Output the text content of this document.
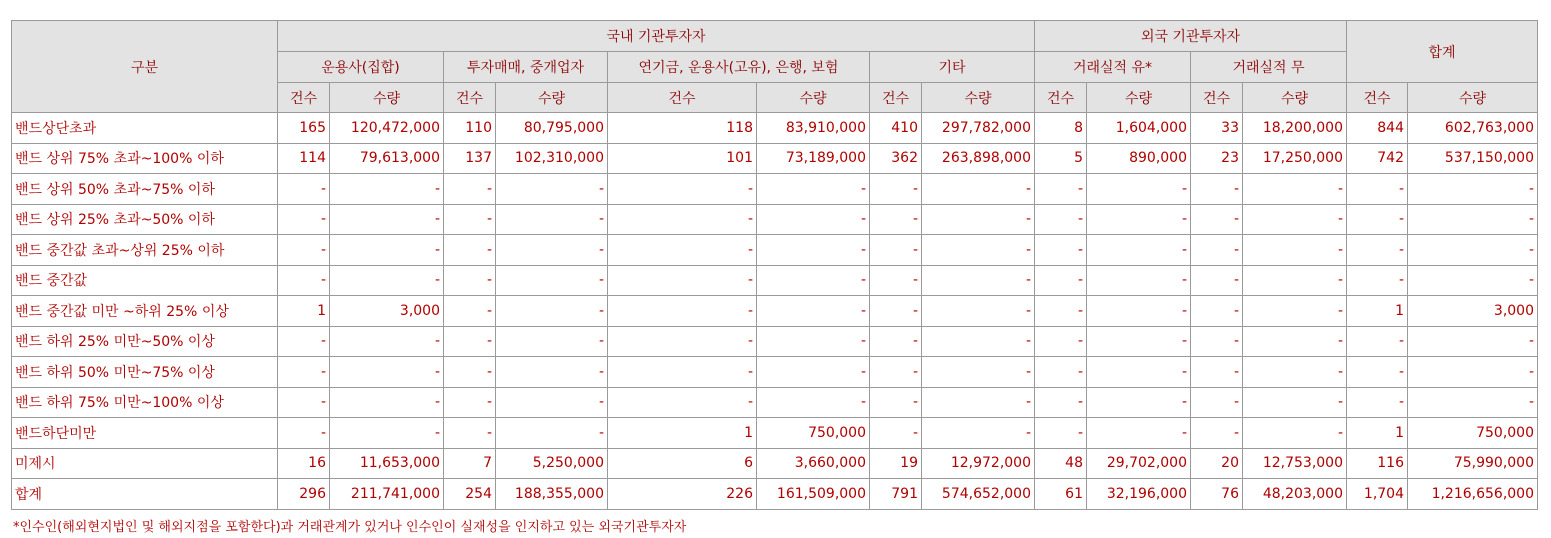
구분	국내 기관투자자								외국 기관투자자				합계	
	운용사(집합)		투자매매, 중개업자		연기금, 운용사(고유), 은행, 보험		기타		거래실적 유*		거래실적 무			
	건수	수량	건수	수량	건수	수량	건수	수량	건수	수량	건수	수량	건수	수량
밴드상단초과	165	120,472,000	110	80,795,000	118	83,910,000	410	297,782,000	8	1,604,000	33	18,200,000	844	602,763,000
밴드 상위 75% 초과~100% 이하	114	79,613,000	137	102,310,000	101	73,189,000	362	263,898,000	5	890,000	23	17,250,000	742	537,150,000
밴드 상위 50% 초과~75% 이하	-	-	-	-	-	-	-	-	-	-	-	-	-	-
밴드 상위 25% 초과~50% 이하	-	-	-	-	-	-	-	-	-	-	-	-	-	-
밴드 중간값 초과~상위 25% 이하	-	-	-	-	-	-	-	-	-	-	-	-	-	-
밴드 중간값	-	-	-	-	-	-	-	-	-	-	-	-	-	-
밴드 중간값 미만 ~하위 25% 이상	1	3,000	-	-	-	-	-	-	-	-	-	-	1	3,000
밴드 하위 25% 미만~50% 이상	-	-	-	-	-	-	-	-	-	-	-	-	-	-
밴드 하위 50% 미만~75% 이상	-	-	-	-	-	-	-	-	-	-	-	-	-	-
밴드 하위 75% 미만~100% 이상	-	-	-	-	-	-	-	-	-	-	-	-	-	-
밴드하단미만	-	-	-	-	1	750,000	-	-	-	-	-	-	1	750,000
미제시	16	11,653,000	7	5,250,000	6	3,660,000	19	12,972,000	48	29,702,000	20	12,753,000	116	75,990,000
합계	296	211,741,000	254	188,355,000	226	161,509,000	791	574,652,000	61	32,196,000	76	48,203,000	1,704	1,216,656,000
*인수인(해외현지법인 및 해외지점을 포함한다)과 거래관계가 있거나 인수인이 실재성을 인지하고 있는 외국기관투자자
